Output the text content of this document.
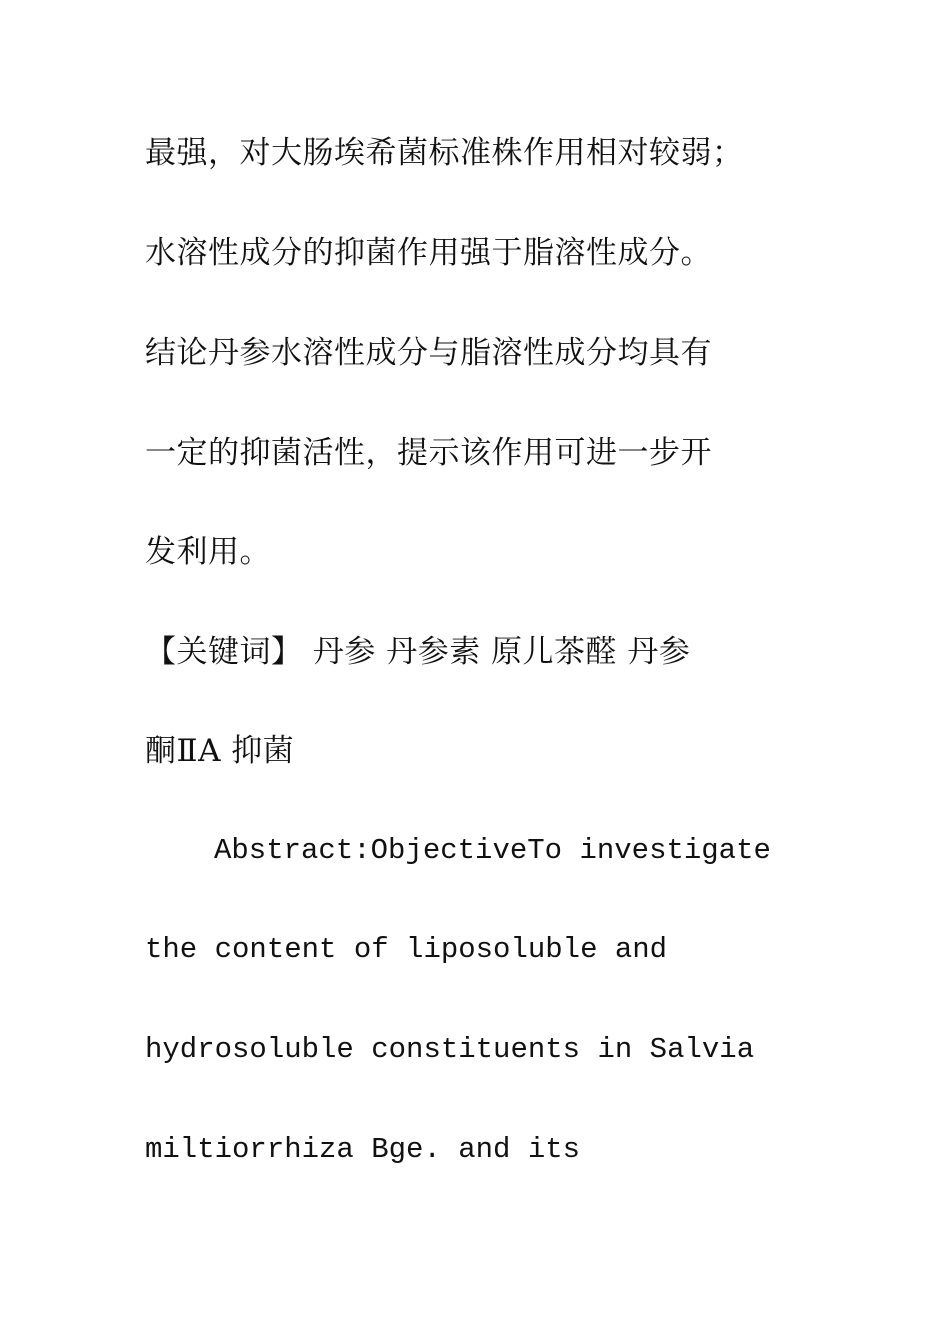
最强，对大肠埃希菌标准株作用相对较弱；
水溶性成分的抑菌作用强于脂溶性成分。
结论丹参水溶性成分与脂溶性成分均具有
一定的抑菌活性，提示该作用可进一步开
发利用。
【关键词】 丹参 丹参素 原儿茶醛 丹参
酮ⅡA 抑菌
Abstract:ObjectiveTo investigate
the content of liposoluble and
hydrosoluble constituents in Salvia
miltiorrhiza Bge. and its
